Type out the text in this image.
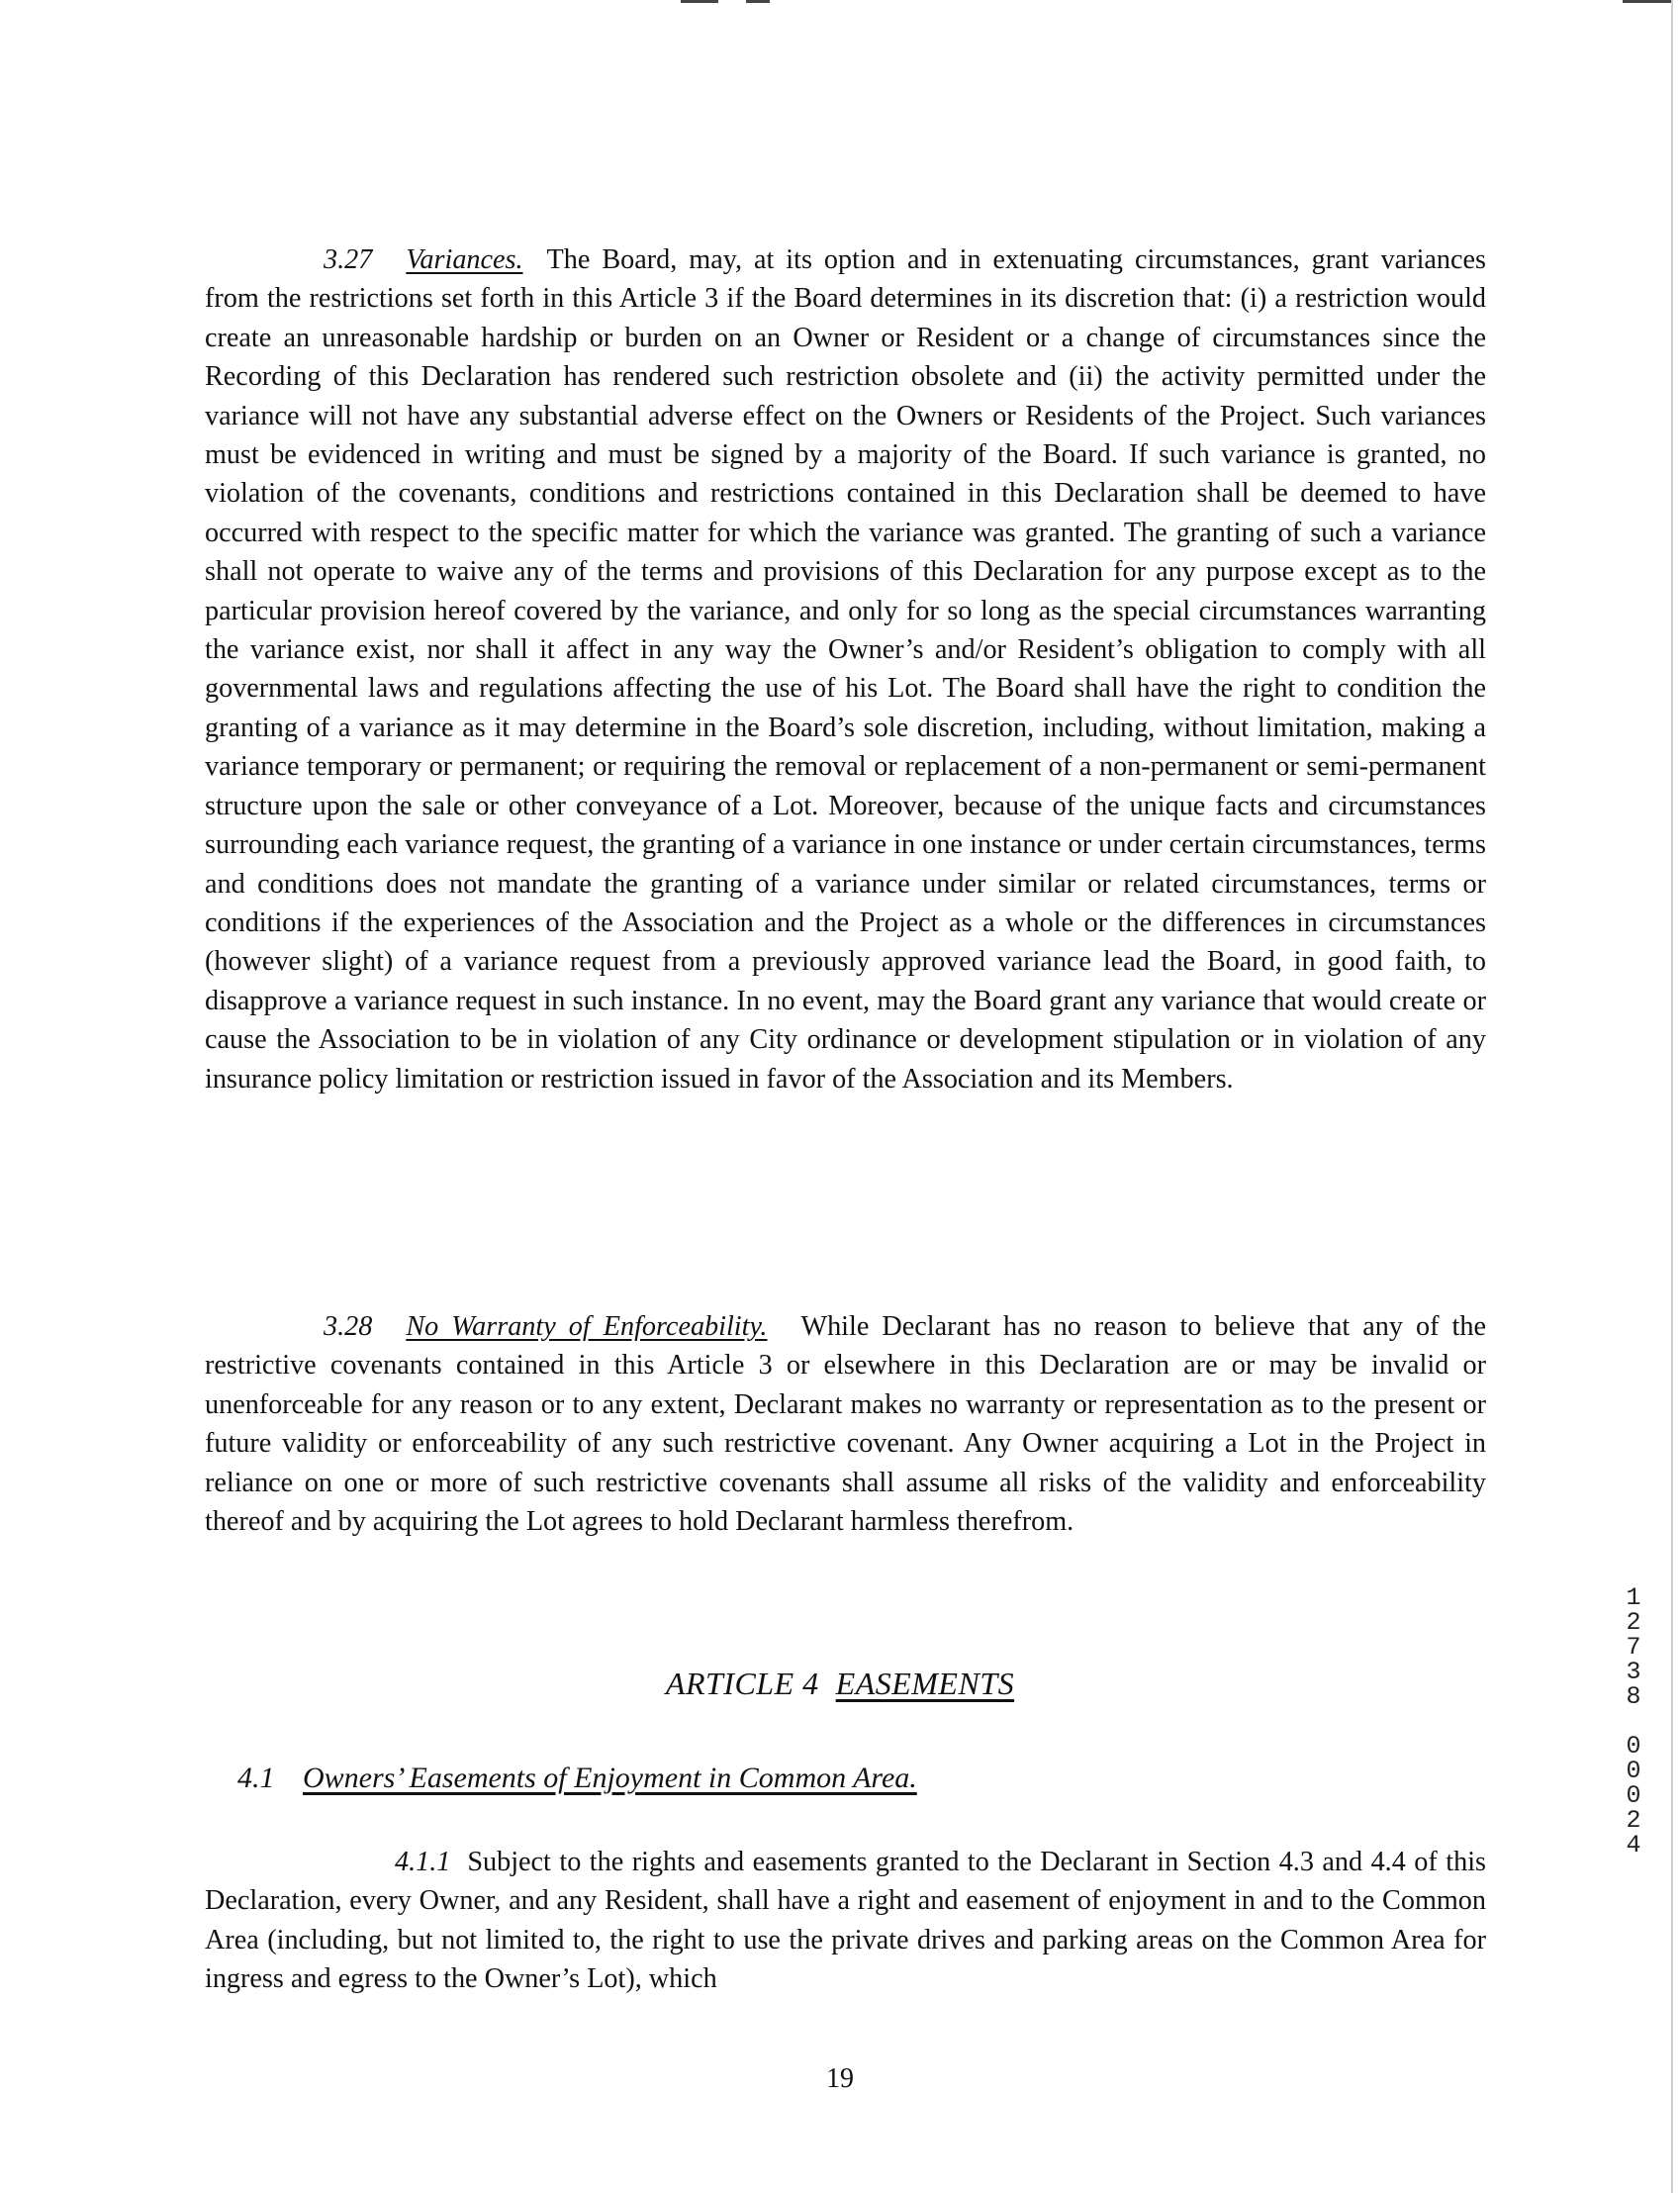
3.27 Variances. The Board, may, at its option and in extenuating circumstances, grant variances from the restrictions set forth in this Article 3 if the Board determines in its discretion that: (i) a restriction would create an unreasonable hardship or burden on an Owner or Resident or a change of circumstances since the Recording of this Declaration has rendered such restriction obsolete and (ii) the activity permitted under the variance will not have any substantial adverse effect on the Owners or Residents of the Project. Such variances must be evidenced in writing and must be signed by a majority of the Board. If such variance is granted, no violation of the covenants, conditions and restrictions contained in this Declaration shall be deemed to have occurred with respect to the specific matter for which the variance was granted. The granting of such a variance shall not operate to waive any of the terms and provisions of this Declaration for any purpose except as to the particular provision hereof covered by the variance, and only for so long as the special circumstances warranting the variance exist, nor shall it affect in any way the Owner’s and/or Resident’s obligation to comply with all governmental laws and regulations affecting the use of his Lot. The Board shall have the right to condition the granting of a variance as it may determine in the Board’s sole discretion, including, without limitation, making a variance temporary or permanent; or requiring the removal or replacement of a non-permanent or semi-permanent structure upon the sale or other conveyance of a Lot. Moreover, because of the unique facts and circumstances surrounding each variance request, the granting of a variance in one instance or under certain circumstances, terms and conditions does not mandate the granting of a variance under similar or related circumstances, terms or conditions if the experiences of the Association and the Project as a whole or the differences in circumstances (however slight) of a variance request from a previously approved variance lead the Board, in good faith, to disapprove a variance request in such instance. In no event, may the Board grant any variance that would create or cause the Association to be in violation of any City ordinance or development stipulation or in violation of any insurance policy limitation or restriction issued in favor of the Association and its Members.

3.28 No Warranty of Enforceability. While Declarant has no reason to believe that any of the restrictive covenants contained in this Article 3 or elsewhere in this Declaration are or may be invalid or unenforceable for any reason or to any extent, Declarant makes no warranty or representation as to the present or future validity or enforceability of any such restrictive covenant. Any Owner acquiring a Lot in the Project in reliance on one or more of such restrictive covenants shall assume all risks of the validity and enforceability thereof and by acquiring the Lot agrees to hold Declarant harmless therefrom.

ARTICLE 4 EASEMENTS
4.1 Owners’ Easements of Enjoyment in Common Area.

4.1.1 Subject to the rights and easements granted to the Declarant in Section 4.3 and 4.4 of this Declaration, every Owner, and any Resident, shall have a right and easement of enjoyment in and to the Common Area (including, but not limited to, the right to use the private drives and parking areas on the Common Area for ingress and egress to the Owner’s Lot), which

1
2
7
3
8
0
0
0
2
4
19
